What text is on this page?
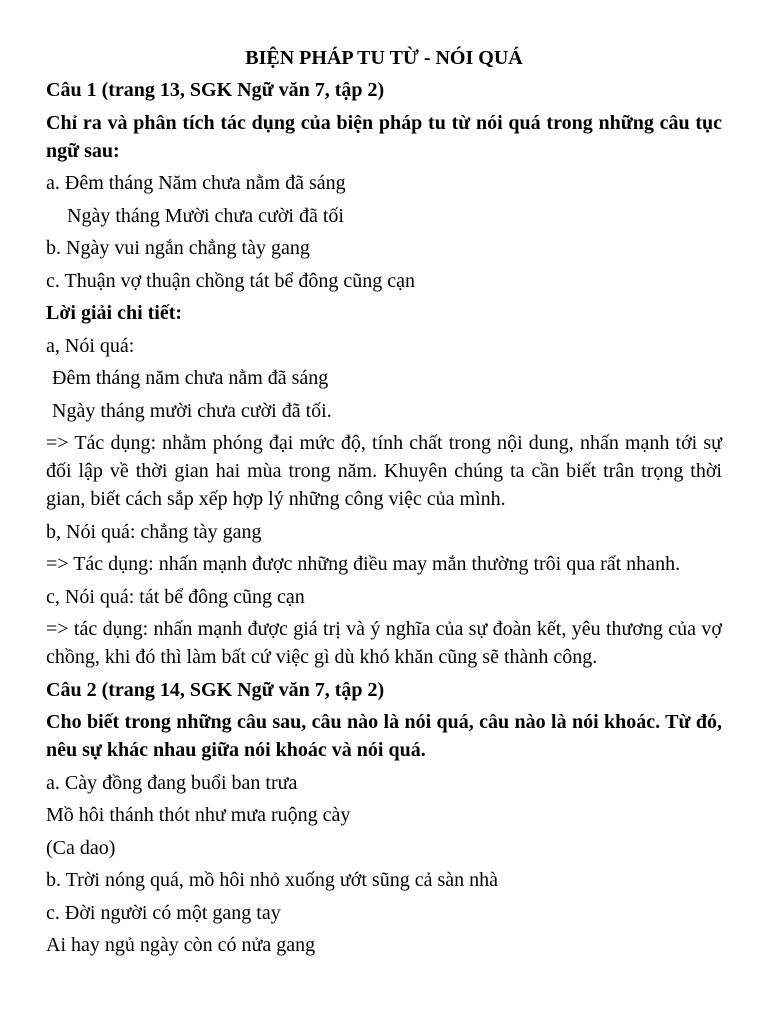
BIỆN PHÁP TU TỪ - NÓI QUÁ
Câu 1 (trang 13, SGK Ngữ văn 7, tập 2)
Chỉ ra và phân tích tác dụng của biện pháp tu từ nói quá trong những câu tục ngữ sau:
a. Đêm tháng Năm chưa nằm đã sáng
Ngày tháng Mười chưa cười đã tối
b. Ngày vui ngắn chẳng tày gang
c. Thuận vợ thuận chồng tát bể đông cũng cạn
Lời giải chi tiết:
a, Nói quá:
Đêm tháng năm chưa nằm đã sáng
Ngày tháng mười chưa cười đã tối.
=> Tác dụng: nhằm phóng đại mức độ, tính chất trong nội dung, nhấn mạnh tới sự đối lập về thời gian hai mùa trong năm. Khuyên chúng ta cần biết trân trọng thời gian, biết cách sắp xếp hợp lý những công việc của mình.
b, Nói quá: chẳng tày gang
=> Tác dụng: nhấn mạnh được những điều may mắn thường trôi qua rất nhanh.
c, Nói quá: tát bể đông cũng cạn
=> tác dụng: nhấn mạnh được giá trị và ý nghĩa của sự đoàn kết, yêu thương của vợ chồng, khi đó thì làm bất cứ việc gì dù khó khăn cũng sẽ thành công.
Câu 2 (trang 14, SGK Ngữ văn 7, tập 2)
Cho biết trong những câu sau, câu nào là nói quá, câu nào là nói khoác. Từ đó, nêu sự khác nhau giữa nói khoác và nói quá.
a. Cày đồng đang buổi ban trưa
Mồ hôi thánh thót như mưa ruộng cày
(Ca dao)
b. Trời nóng quá, mồ hôi nhỏ xuống ướt sũng cả sàn nhà
c. Đời người có một gang tay
Ai hay ngủ ngày còn có nửa gang
